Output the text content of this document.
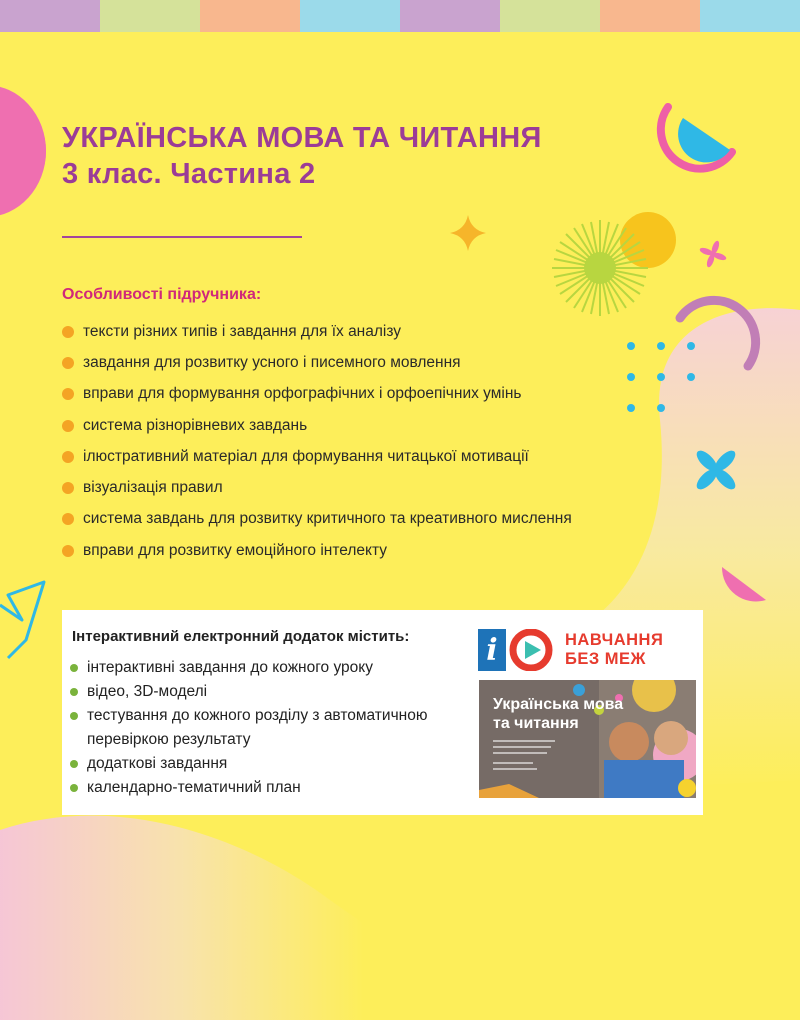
УКРАЇНСЬКА МОВА ТА ЧИТАННЯ
3 клас. Частина 2
Особливості підручника:
тексти різних типів і завдання для їх аналізу
завдання для розвитку усного і писемного мовлення
вправи для формування орфографічних і орфоепічних умінь
система різнорівневих завдань
ілюстративний матеріал для формування читацької мотивації
візуалізація правил
система завдань для розвитку критичного та креативного мислення
вправи для розвитку емоційного інтелекту
Інтерактивний електронний додаток містить:
інтерактивні завдання до кожного уроку
відео, 3D-моделі
тестування до кожного розділу з автоматичною перевіркою результату
додаткові завдання
календарно-тематичний план
i	НАВЧАННЯ
БЕЗ МЕЖ
Українська мова
та читання
